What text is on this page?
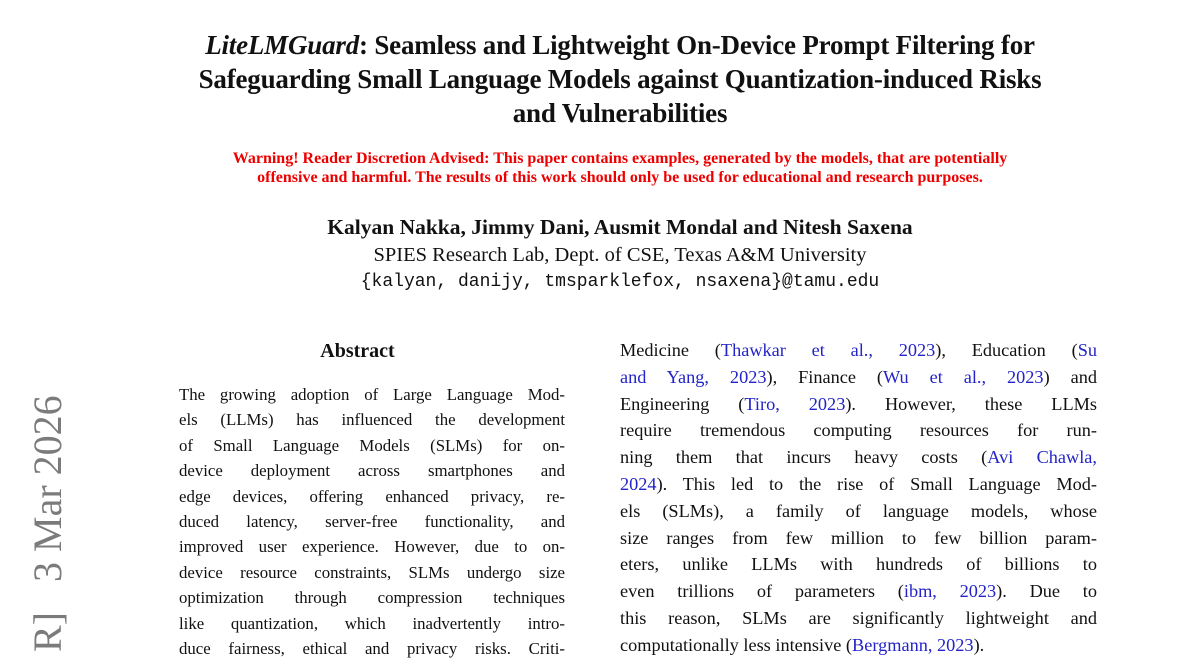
R]   3 Mar 2026
LiteLMGuard: Seamless and Lightweight On-Device Prompt Filtering for
Safeguarding Small Language Models against Quantization-induced Risks
and Vulnerabilities
Warning! Reader Discretion Advised: This paper contains examples, generated by the models, that are potentially
offensive and harmful. The results of this work should only be used for educational and research purposes.
Kalyan Nakka, Jimmy Dani, Ausmit Mondal and Nitesh Saxena
SPIES Research Lab, Dept. of CSE, Texas A&M University
{kalyan, danijy, tmsparklefox, nsaxena}@tamu.edu
Abstract
The growing adoption of Large Language Mod-
els (LLMs) has influenced the development
of Small Language Models (SLMs) for on-
device deployment across smartphones and
edge devices, offering enhanced privacy, re-
duced latency, server-free functionality, and
improved user experience. However, due to on-
device resource constraints, SLMs undergo size
optimization through compression techniques
like quantization, which inadvertently intro-
duce fairness, ethical and privacy risks. Criti-
Medicine (Thawkar et al., 2023), Education (Su
and Yang, 2023), Finance (Wu et al., 2023) and
Engineering (Tiro, 2023). However, these LLMs
require tremendous computing resources for run-
ning them that incurs heavy costs (Avi Chawla,
2024). This led to the rise of Small Language Mod-
els (SLMs), a family of language models, whose
size ranges from few million to few billion param-
eters, unlike LLMs with hundreds of billions to
even trillions of parameters (ibm, 2023). Due to
this reason, SLMs are significantly lightweight and
computationally less intensive (Bergmann, 2023).
